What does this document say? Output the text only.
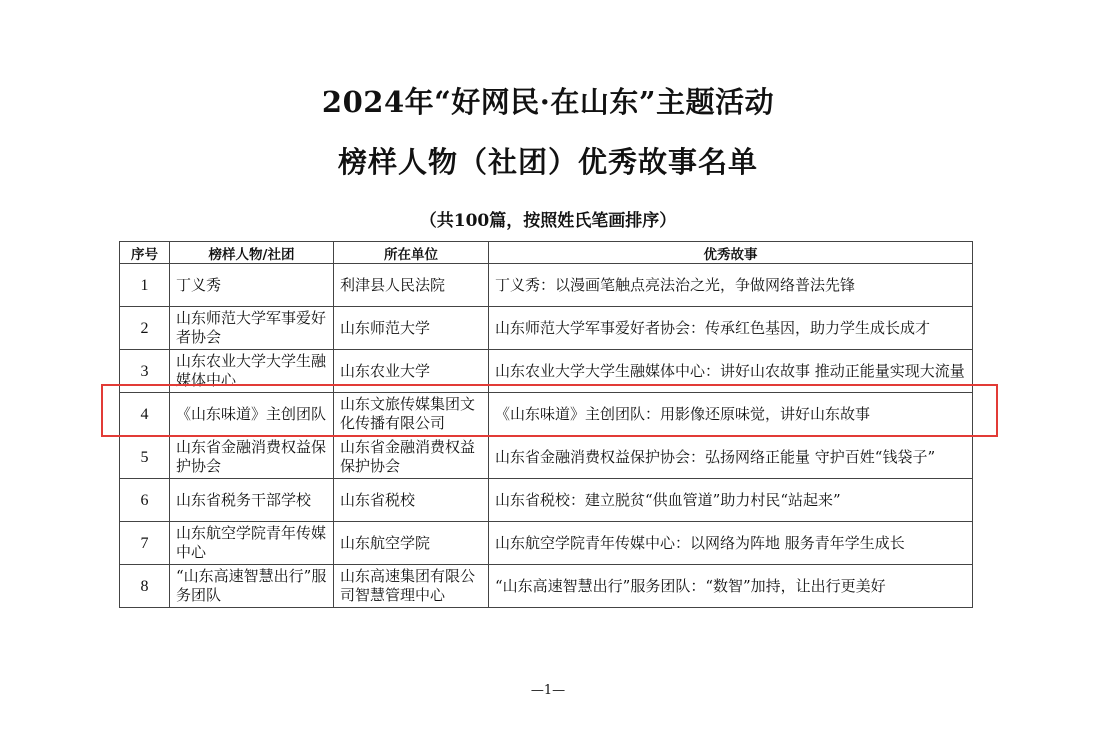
2024年“好网民·在山东”主题活动
榜样人物（社团）优秀故事名单
（共100篇，按照姓氏笔画排序）
序号	榜样人物/社团	所在单位	优秀故事
1	丁义秀	利津县人民法院	丁义秀：以漫画笔触点亮法治之光，争做网络普法先锋

2	山东师范大学军事爱好者协会	山东师范大学	山东师范大学军事爱好者协会：传承红色基因，助力学生成长成才

3	山东农业大学大学生融媒体中心	山东农业大学	山东农业大学大学生融媒体中心：讲好山农故事 推动正能量实现大流量

4	《山东味道》主创团队	山东文旅传媒集团文化传播有限公司	《山东味道》主创团队：用影像还原味觉，讲好山东故事

5	山东省金融消费权益保护协会	山东省金融消费权益保护协会	山东省金融消费权益保护协会：弘扬网络正能量 守护百姓“钱袋子”

6	山东省税务干部学校	山东省税校	山东省税校：建立脱贫“供血管道”助力村民“站起来”

7	山东航空学院青年传媒中心	山东航空学院	山东航空学院青年传媒中心：以网络为阵地 服务青年学生成长

8	“山东高速智慧出行”服务团队	山东高速集团有限公司智慧管理中心	“山东高速智慧出行”服务团队：“数智”加持，让出行更美好
—1—
